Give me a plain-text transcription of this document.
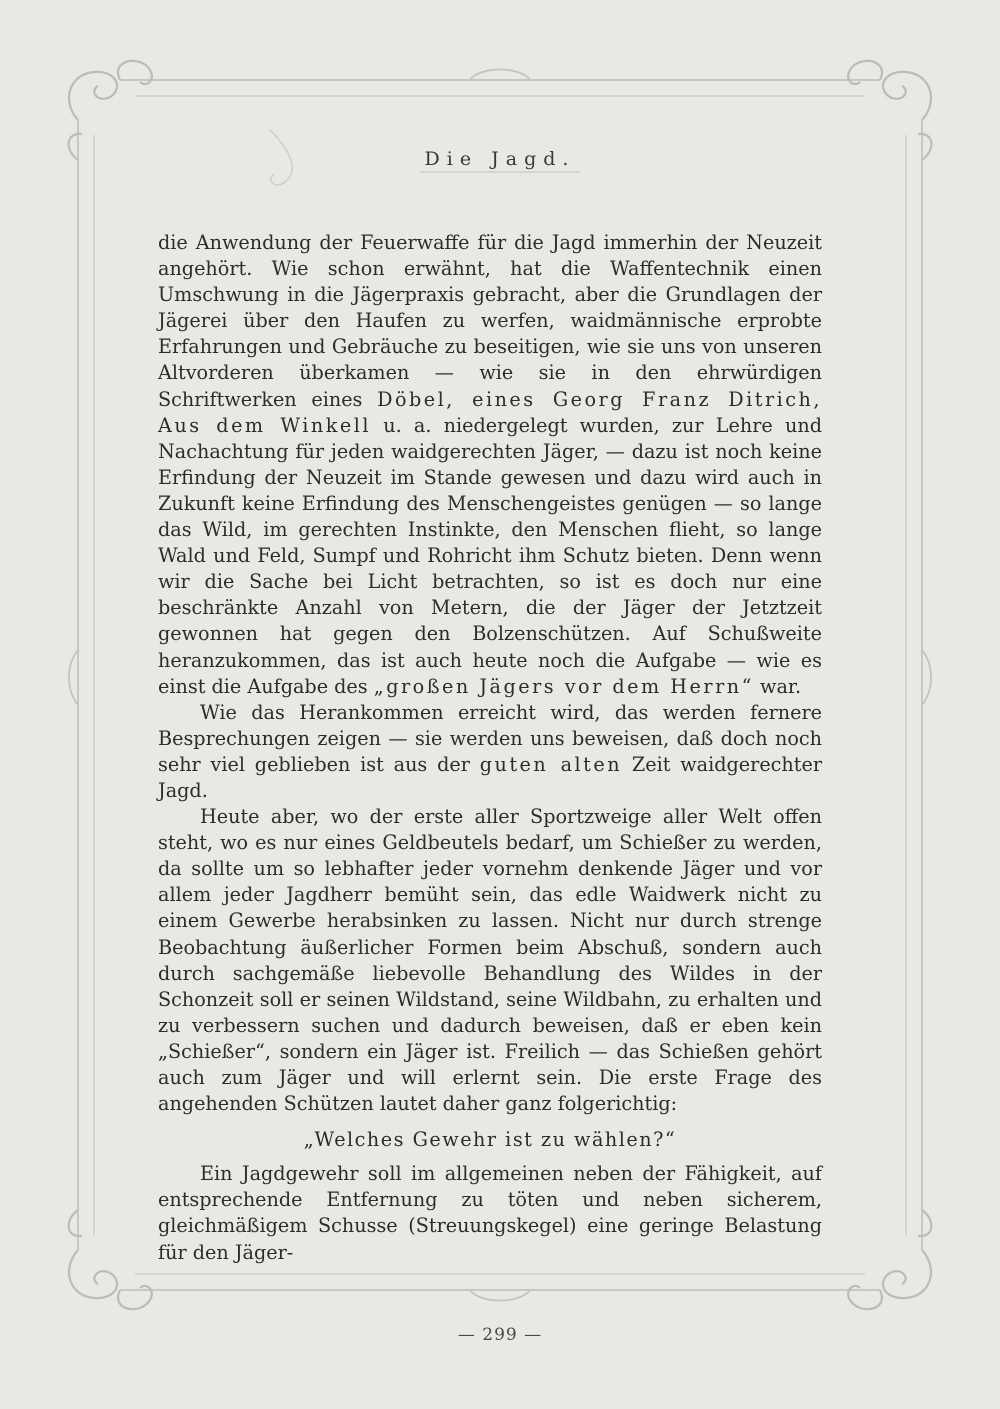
Die Jagd.

die Anwendung der Feuerwaffe für die Jagd immerhin der Neuzeit angehört. Wie schon erwähnt, hat die Waffentechnik einen Umschwung in die Jägerpraxis gebracht, aber die Grundlagen der Jägerei über den Haufen zu werfen, waidmännische erprobte Erfahrungen und Gebräuche zu beseitigen, wie sie uns von unseren Altvorderen überkamen — wie sie in den ehrwürdigen Schriftwerken eines Döbel, eines Georg Franz Ditrich, Aus dem Winkell u. a. niedergelegt wurden, zur Lehre und Nachachtung für jeden waidgerechten Jäger, — dazu ist noch keine Erfindung der Neuzeit im Stande gewesen und dazu wird auch in Zukunft keine Erfindung des Menschengeistes genügen — so lange das Wild, im gerechten Instinkte, den Menschen flieht, so lange Wald und Feld, Sumpf und Rohricht ihm Schutz bieten. Denn wenn wir die Sache bei Licht betrachten, so ist es doch nur eine beschränkte Anzahl von Metern, die der Jäger der Jetztzeit gewonnen hat gegen den Bolzenschützen. Auf Schußweite heranzukommen, das ist auch heute noch die Aufgabe — wie es einst die Aufgabe des „großen Jägers vor dem Herrn“ war.

Wie das Herankommen erreicht wird, das werden fernere Besprechungen zeigen — sie werden uns beweisen, daß doch noch sehr viel geblieben ist aus der guten alten Zeit waidgerechter Jagd.

Heute aber, wo der erste aller Sportzweige aller Welt offen steht, wo es nur eines Geldbeutels bedarf, um Schießer zu werden, da sollte um so lebhafter jeder vornehm denkende Jäger und vor allem jeder Jagdherr bemüht sein, das edle Waidwerk nicht zu einem Gewerbe herabsinken zu lassen. Nicht nur durch strenge Beobachtung äußerlicher Formen beim Abschuß, sondern auch durch sachgemäße liebevolle Behandlung des Wildes in der Schonzeit soll er seinen Wildstand, seine Wildbahn, zu erhalten und zu verbessern suchen und dadurch beweisen, daß er eben kein „Schießer“, sondern ein Jäger ist. Freilich — das Schießen gehört auch zum Jäger und will erlernt sein. Die erste Frage des angehenden Schützen lautet daher ganz folgerichtig:

„Welches Gewehr ist zu wählen?“

Ein Jagdgewehr soll im allgemeinen neben der Fähigkeit, auf entsprechende Entfernung zu töten und neben sicherem, gleichmäßigem Schusse (Streuungskegel) eine geringe Belastung für den Jäger-

— 299 —
